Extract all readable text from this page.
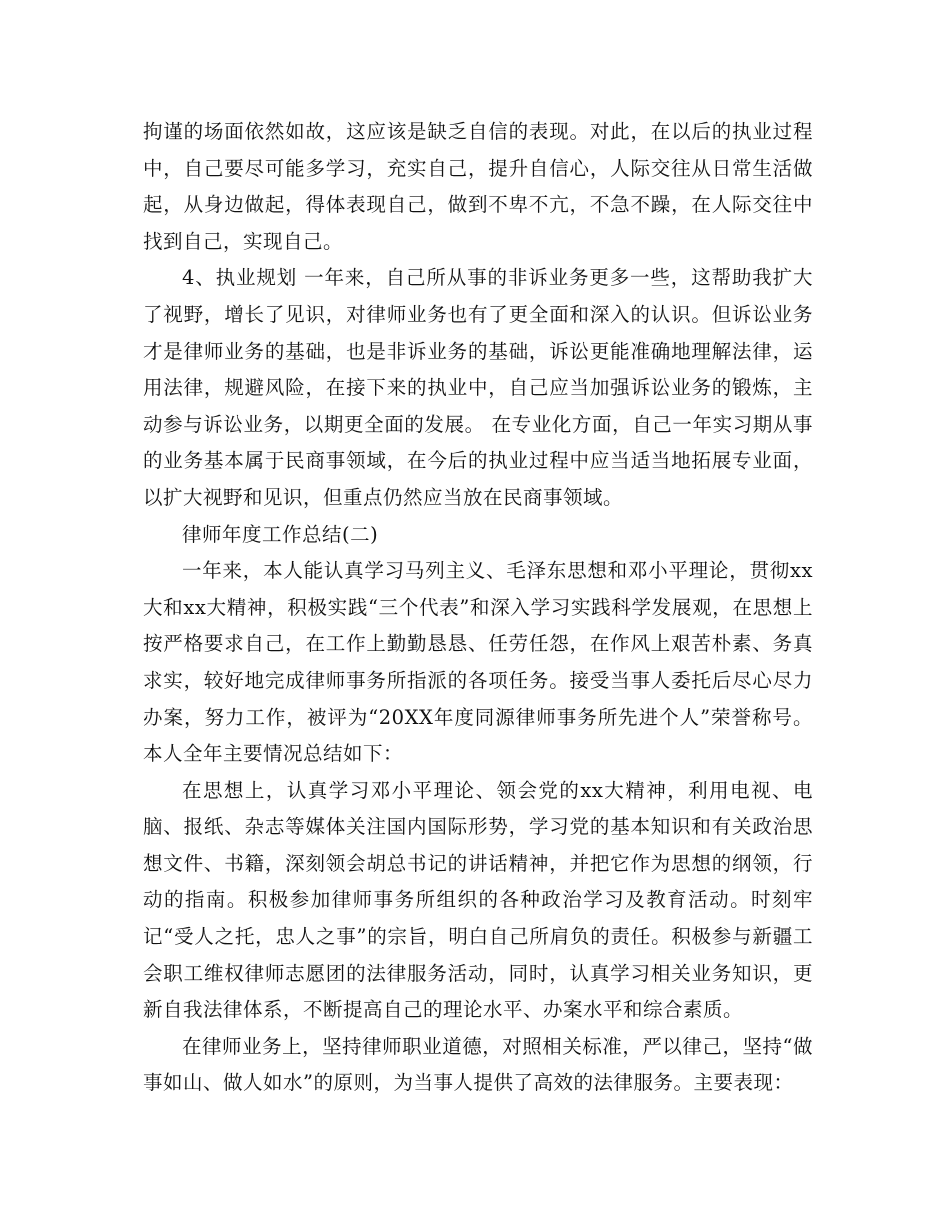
拘谨的场面依然如故，这应该是缺乏自信的表现。对此，在以后的执业过程中，自己要尽可能多学习，充实自己，提升自信心，人际交往从日常生活做起，从身边做起，得体表现自己，做到不卑不亢，不急不躁，在人际交往中找到自己，实现自己。

4、执业规划 一年来，自己所从事的非诉业务更多一些，这帮助我扩大了视野，增长了见识，对律师业务也有了更全面和深入的认识。但诉讼业务才是律师业务的基础，也是非诉业务的基础，诉讼更能准确地理解法律，运用法律，规避风险，在接下来的执业中，自己应当加强诉讼业务的锻炼，主动参与诉讼业务，以期更全面的发展。 在专业化方面，自己一年实习期从事的业务基本属于民商事领域，在今后的执业过程中应当适当地拓展专业面，以扩大视野和见识，但重点仍然应当放在民商事领域。

律师年度工作总结(二)

一年来，本人能认真学习马列主义、毛泽东思想和邓小平理论，贯彻xx大和xx大精神，积极实践“三个代表”和深入学习实践科学发展观，在思想上按严格要求自己，在工作上勤勤恳恳、任劳任怨，在作风上艰苦朴素、务真求实，较好地完成律师事务所指派的各项任务。接受当事人委托后尽心尽力办案，努力工作，被评为“20XX年度同源律师事务所先进个人”荣誉称号。本人全年主要情况总结如下：

在思想上，认真学习邓小平理论、领会党的xx大精神，利用电视、电脑、报纸、杂志等媒体关注国内国际形势，学习党的基本知识和有关政治思想文件、书籍，深刻领会胡总书记的讲话精神，并把它作为思想的纲领，行动的指南。积极参加律师事务所组织的各种政治学习及教育活动。时刻牢记“受人之托，忠人之事”的宗旨，明白自己所肩负的责任。积极参与新疆工会职工维权律师志愿团的法律服务活动，同时，认真学习相关业务知识，更新自我法律体系，不断提高自己的理论水平、办案水平和综合素质。

在律师业务上，坚持律师职业道德，对照相关标准，严以律己，坚持“做事如山、做人如水”的原则，为当事人提供了高效的法律服务。主要表现：
